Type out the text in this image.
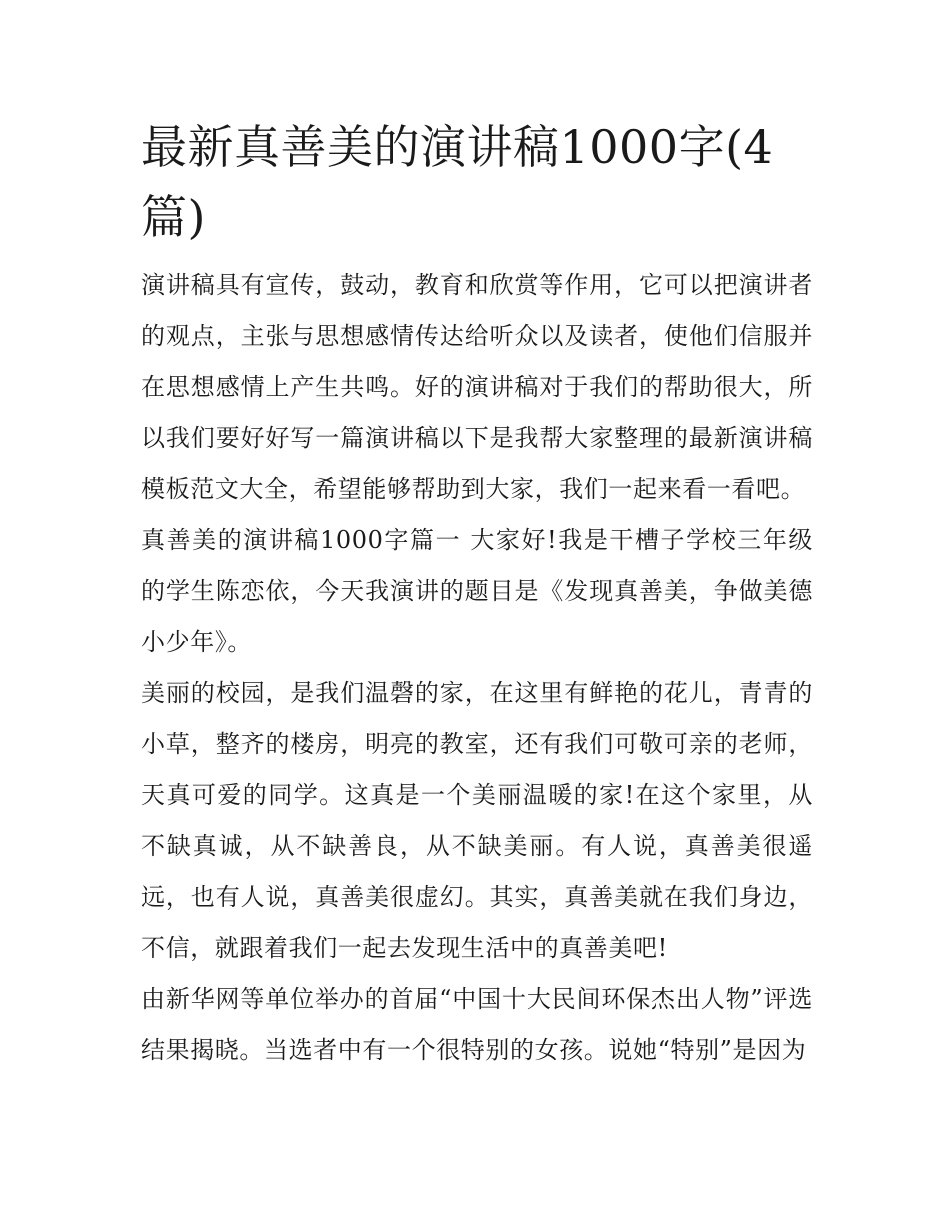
最新真善美的演讲稿1000字(4篇)

演讲稿具有宣传，鼓动，教育和欣赏等作用，它可以把演讲者的观点，主张与思想感情传达给听众以及读者，使他们信服并在思想感情上产生共鸣。好的演讲稿对于我们的帮助很大，所以我们要好好写一篇演讲稿以下是我帮大家整理的最新演讲稿模板范文大全，希望能够帮助到大家，我们一起来看一看吧。

真善美的演讲稿1000字篇一 大家好!我是干槽子学校三年级的学生陈恋依，今天我演讲的题目是《发现真善美，争做美德小少年》。

美丽的校园，是我们温磬的家，在这里有鲜艳的花儿，青青的小草，整齐的楼房，明亮的教室，还有我们可敬可亲的老师，天真可爱的同学。这真是一个美丽温暖的家!在这个家里，从不缺真诚，从不缺善良，从不缺美丽。有人说，真善美很遥远，也有人说，真善美很虚幻。其实，真善美就在我们身边，不信，就跟着我们一起去发现生活中的真善美吧!

由新华网等单位举办的首届“中国十大民间环保杰出人物”评选结果揭晓。当选者中有一个很特别的女孩。说她“特别”是因为
